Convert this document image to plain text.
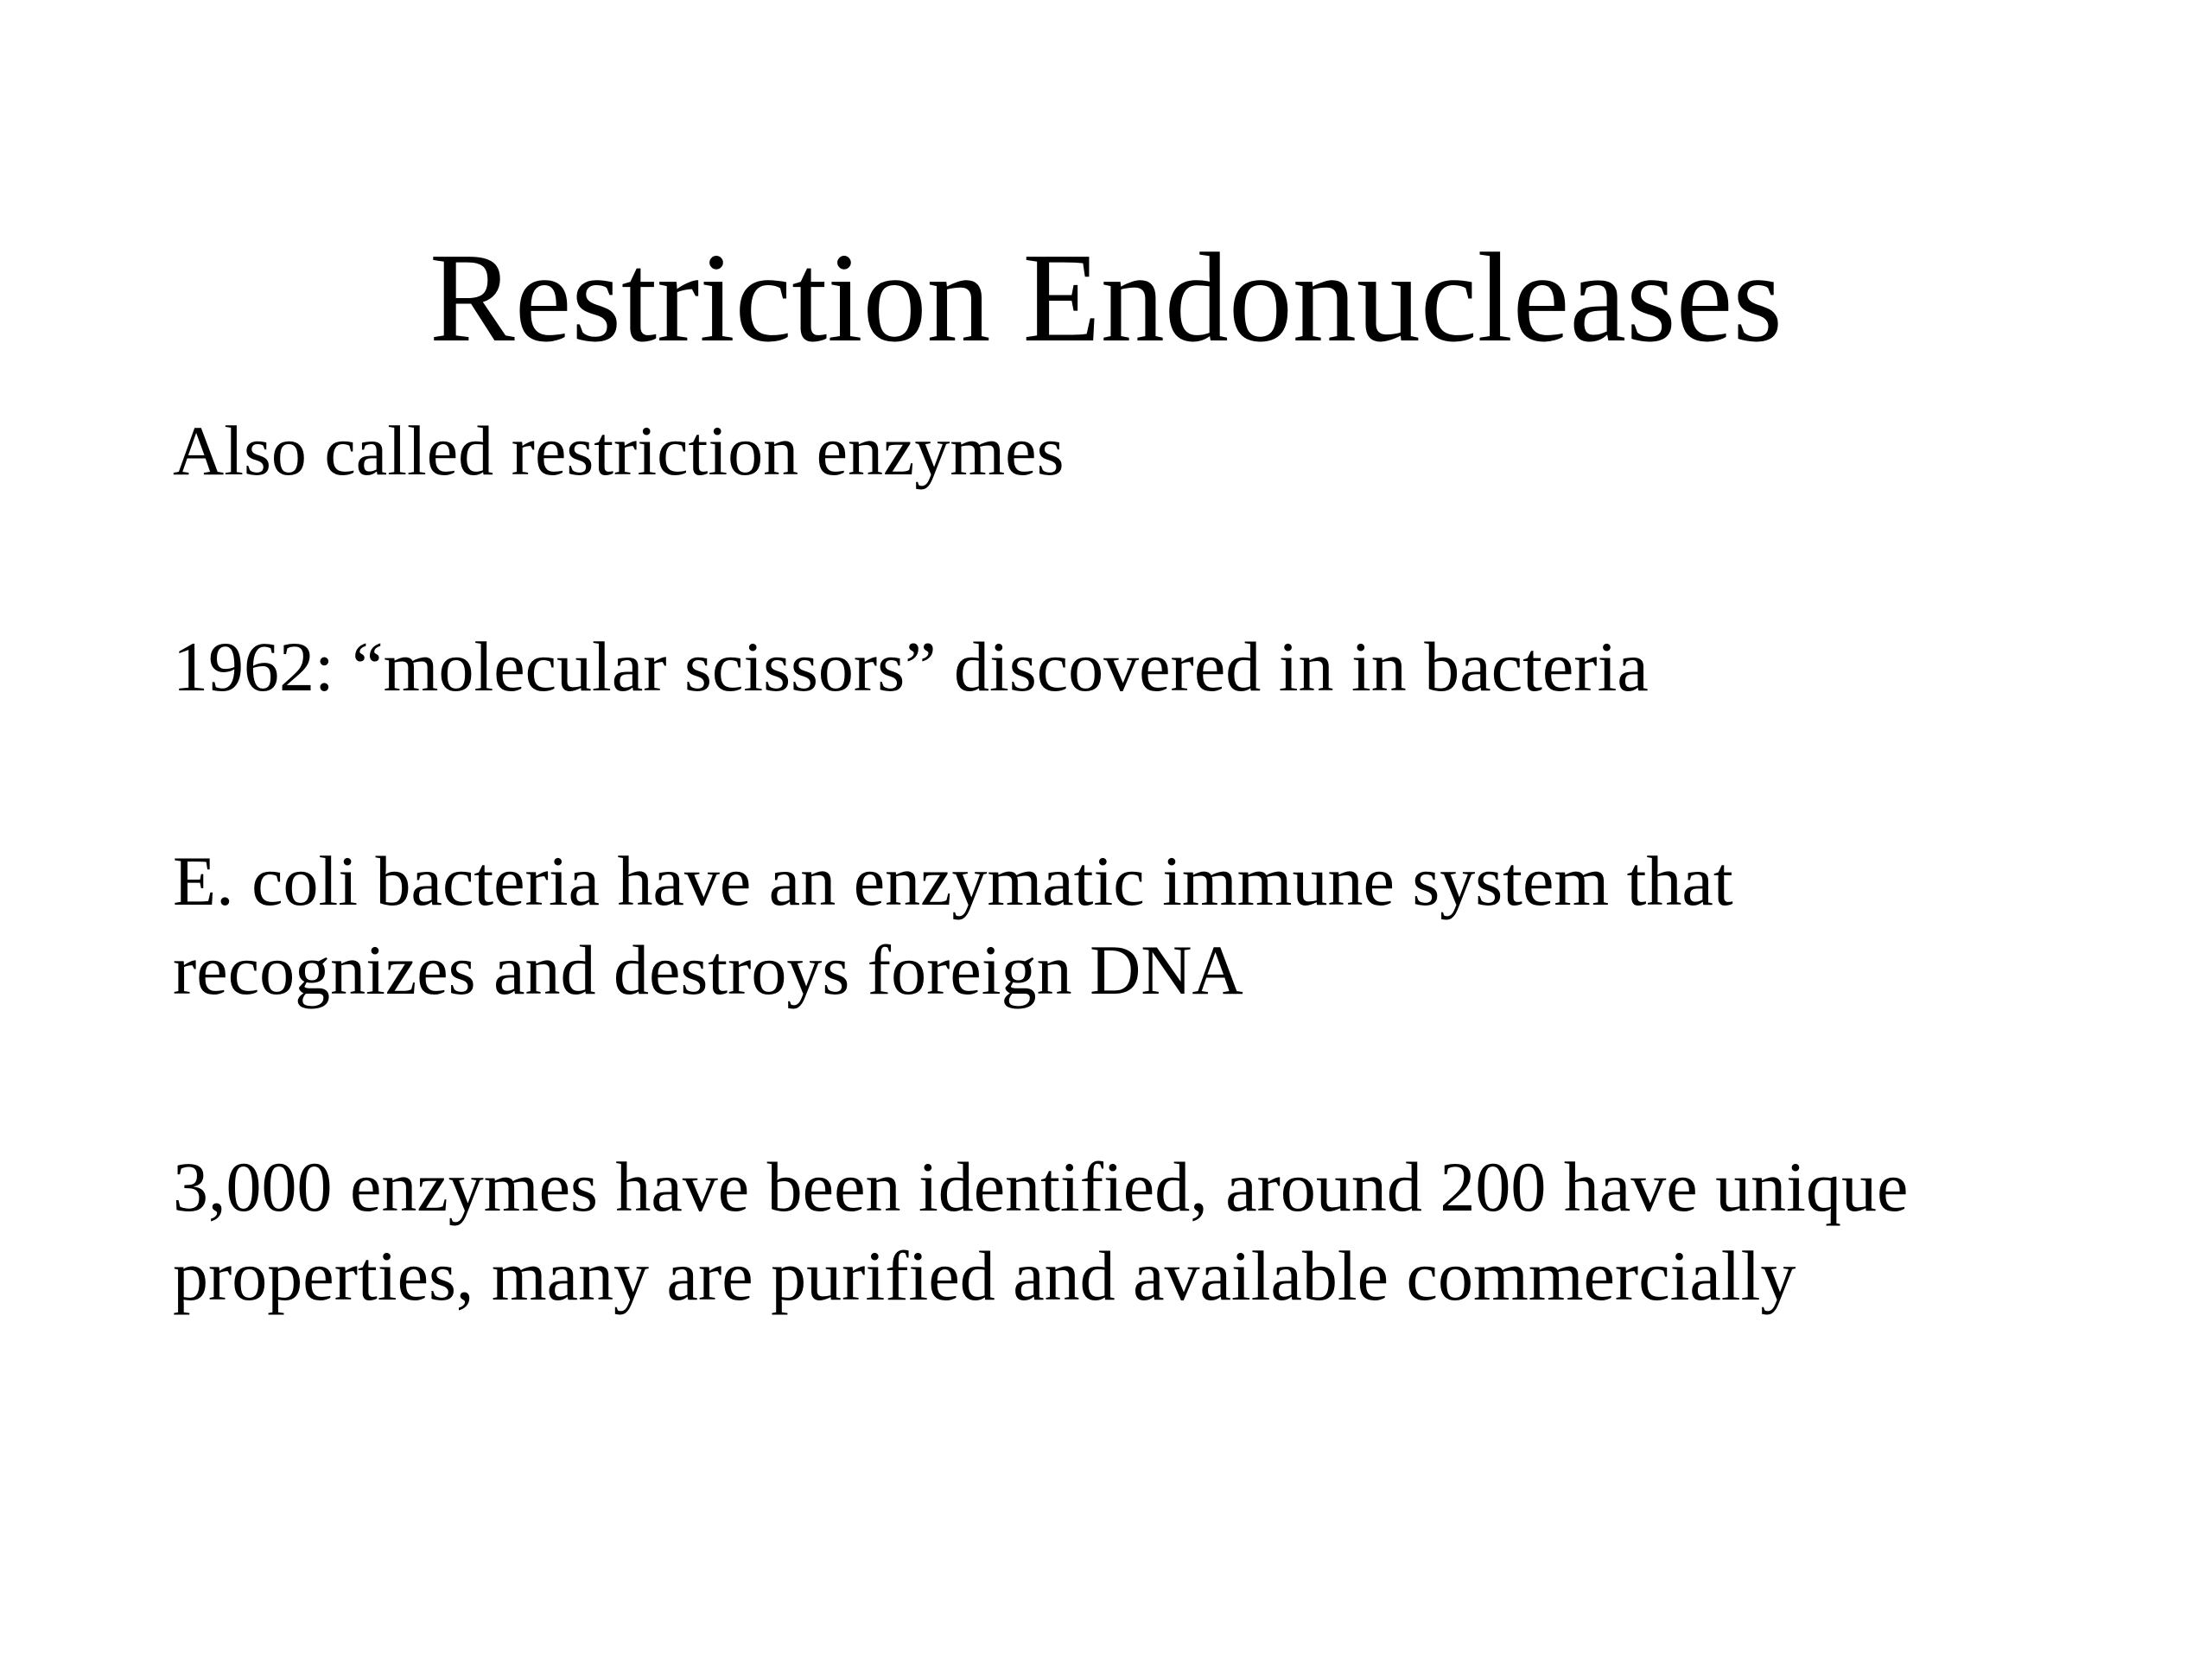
Restriction Endonucleases
Also called restriction enzymes
1962: “molecular scissors” discovered in in bacteria
E. coli bacteria have an enzymatic immune system that recognizes and destroys foreign DNA
3,000 enzymes have been identified, around 200 have unique properties, many are purified and available commercially
